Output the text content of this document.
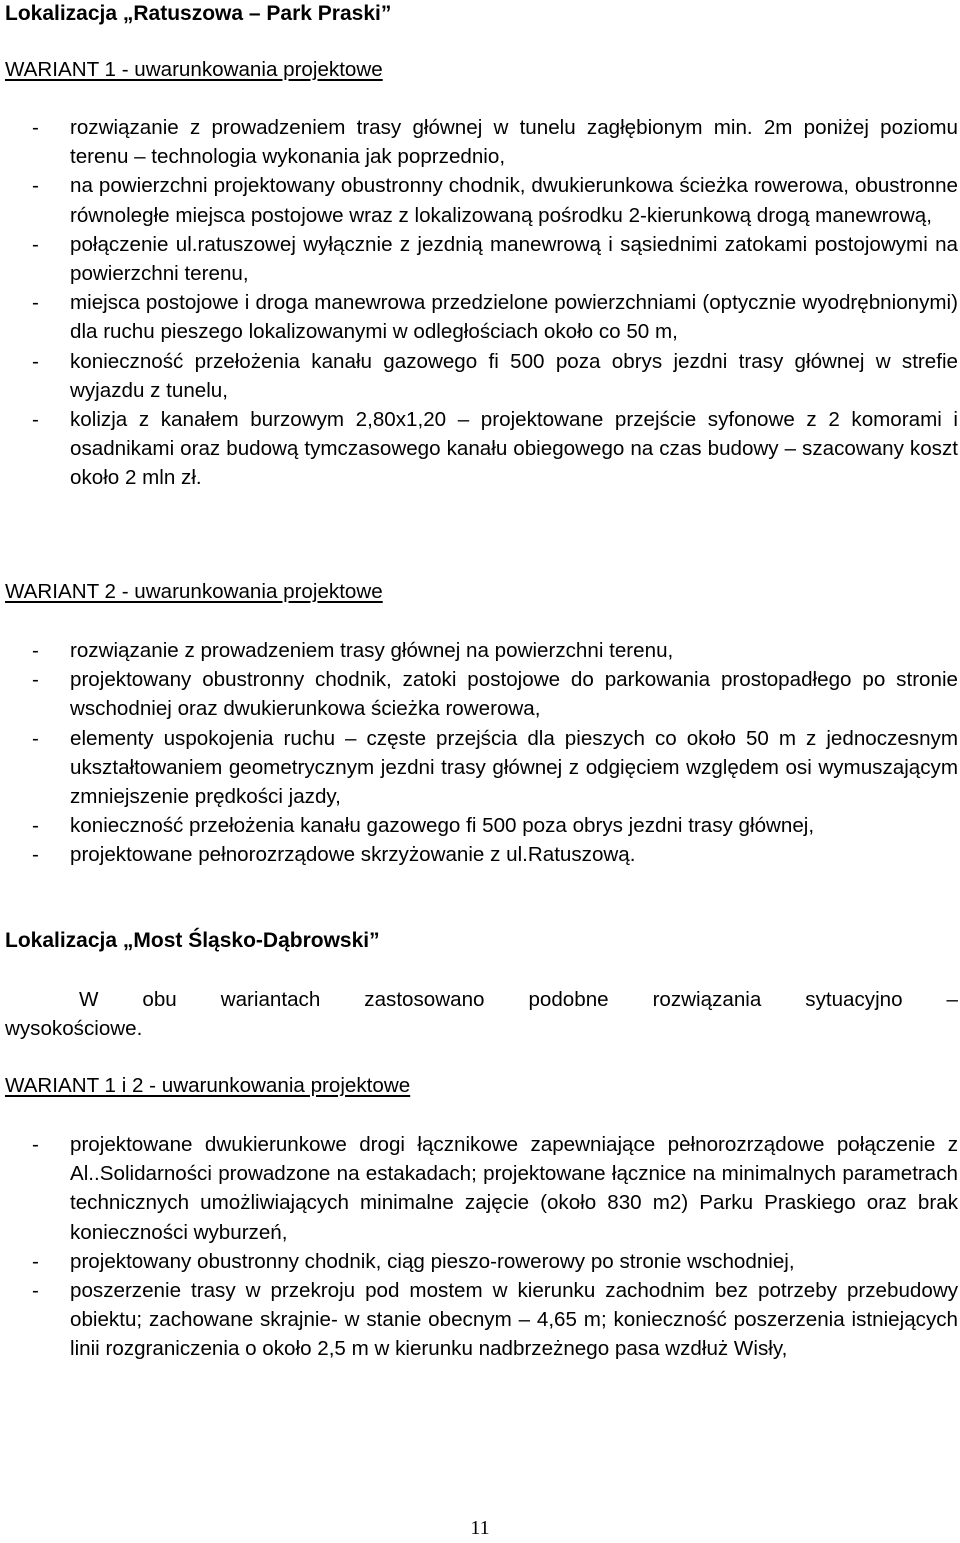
Lokalizacja „Ratuszowa – Park Praski”
WARIANT 1 - uwarunkowania projektowe
- rozwiązanie z prowadzeniem trasy głównej w tunelu zagłębionym min. 2m poniżej poziomu terenu – technologia wykonania jak poprzednio,
- na powierzchni projektowany obustronny chodnik, dwukierunkowa ścieżka rowerowa, obustronne równoległe miejsca postojowe wraz z lokalizowaną pośrodku 2-kierunkową drogą manewrową,
- połączenie ul.ratuszowej wyłącznie z jezdnią manewrową i sąsiednimi zatokami postojowymi na powierzchni terenu,
- miejsca postojowe i droga manewrowa przedzielone powierzchniami (optycznie wyodrębnionymi) dla ruchu pieszego lokalizowanymi w odległościach około co 50 m,
- konieczność przełożenia kanału gazowego fi 500 poza obrys jezdni trasy głównej w strefie wyjazdu z tunelu,
- kolizja z kanałem burzowym 2,80x1,20 – projektowane przejście syfonowe z 2 komorami i osadnikami oraz budową tymczasowego kanału obiegowego na czas budowy – szacowany koszt około 2 mln zł.
WARIANT 2 - uwarunkowania projektowe
- rozwiązanie z prowadzeniem trasy głównej na powierzchni terenu,
- projektowany obustronny chodnik, zatoki postojowe do parkowania prostopadłego po stronie wschodniej oraz dwukierunkowa ścieżka rowerowa,
- elementy uspokojenia ruchu – częste przejścia dla pieszych co około 50 m z jednoczesnym ukształtowaniem geometrycznym jezdni trasy głównej z odgięciem względem osi wymuszającym zmniejszenie prędkości jazdy,
- konieczność przełożenia kanału gazowego fi 500 poza obrys jezdni trasy głównej,
- projektowane pełnorozrządowe skrzyżowanie z ul.Ratuszową.
Lokalizacja „Most Śląsko-Dąbrowski”
W obu wariantach zastosowano podobne rozwiązania sytuacyjno –
wysokościowe.
WARIANT 1 i 2 - uwarunkowania projektowe
- projektowane dwukierunkowe drogi łącznikowe zapewniające pełnorozrządowe połączenie z Al..Solidarności prowadzone na estakadach; projektowane łącznice na minimalnych parametrach technicznych umożliwiających minimalne zajęcie (około 830 m2) Parku Praskiego oraz brak konieczności wyburzeń,
- projektowany obustronny chodnik, ciąg pieszo-rowerowy po stronie wschodniej,
- poszerzenie trasy w przekroju pod mostem w kierunku zachodnim bez potrzeby przebudowy obiektu; zachowane skrajnie- w stanie obecnym – 4,65 m; konieczność poszerzenia istniejących linii rozgraniczenia o około 2,5 m w kierunku nadbrzeżnego pasa wzdłuż Wisły,
11
